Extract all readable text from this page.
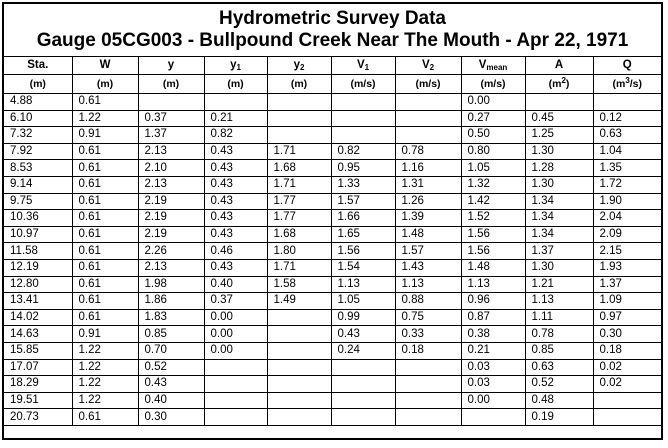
Hydrometric Survey Data
Gauge 05CG003 - Bullpound Creek Near The Mouth - Apr 22, 1971
Sta.	W	y	$y_1$	$y_2$	$V_1$	$V_2$	$V_{mean}$	A	Q
(m)	(m)	(m)	(m)	(m)	(m/s)	(m/s)	(m/s)	$(m^2)$	$(m^3/s)$

4.88	0.61						0.00		

6.10	1.22	0.37	0.21				0.27	0.45	0.12

7.32	0.91	1.37	0.82				0.50	1.25	0.63

7.92	0.61	2.13	0.43	1.71	0.82	0.78	0.80	1.30	1.04

8.53	0.61	2.10	0.43	1.68	0.95	1.16	1.05	1.28	1.35

9.14	0.61	2.13	0.43	1.71	1.33	1.31	1.32	1.30	1.72

9.75	0.61	2.19	0.43	1.77	1.57	1.26	1.42	1.34	1.90

10.36	0.61	2.19	0.43	1.77	1.66	1.39	1.52	1.34	2.04

10.97	0.61	2.19	0.43	1.68	1.65	1.48	1.56	1.34	2.09

11.58	0.61	2.26	0.46	1.80	1.56	1.57	1.56	1.37	2.15

12.19	0.61	2.13	0.43	1.71	1.54	1.43	1.48	1.30	1.93

12.80	0.61	1.98	0.40	1.58	1.13	1.13	1.13	1.21	1.37

13.41	0.61	1.86	0.37	1.49	1.05	0.88	0.96	1.13	1.09

14.02	0.61	1.83	0.00		0.99	0.75	0.87	1.11	0.97

14.63	0.91	0.85	0.00		0.43	0.33	0.38	0.78	0.30

15.85	1.22	0.70	0.00		0.24	0.18	0.21	0.85	0.18

17.07	1.22	0.52					0.03	0.63	0.02

18.29	1.22	0.43					0.03	0.52	0.02

19.51	1.22	0.40					0.00	0.48	

20.73	0.61	0.30						0.19	
